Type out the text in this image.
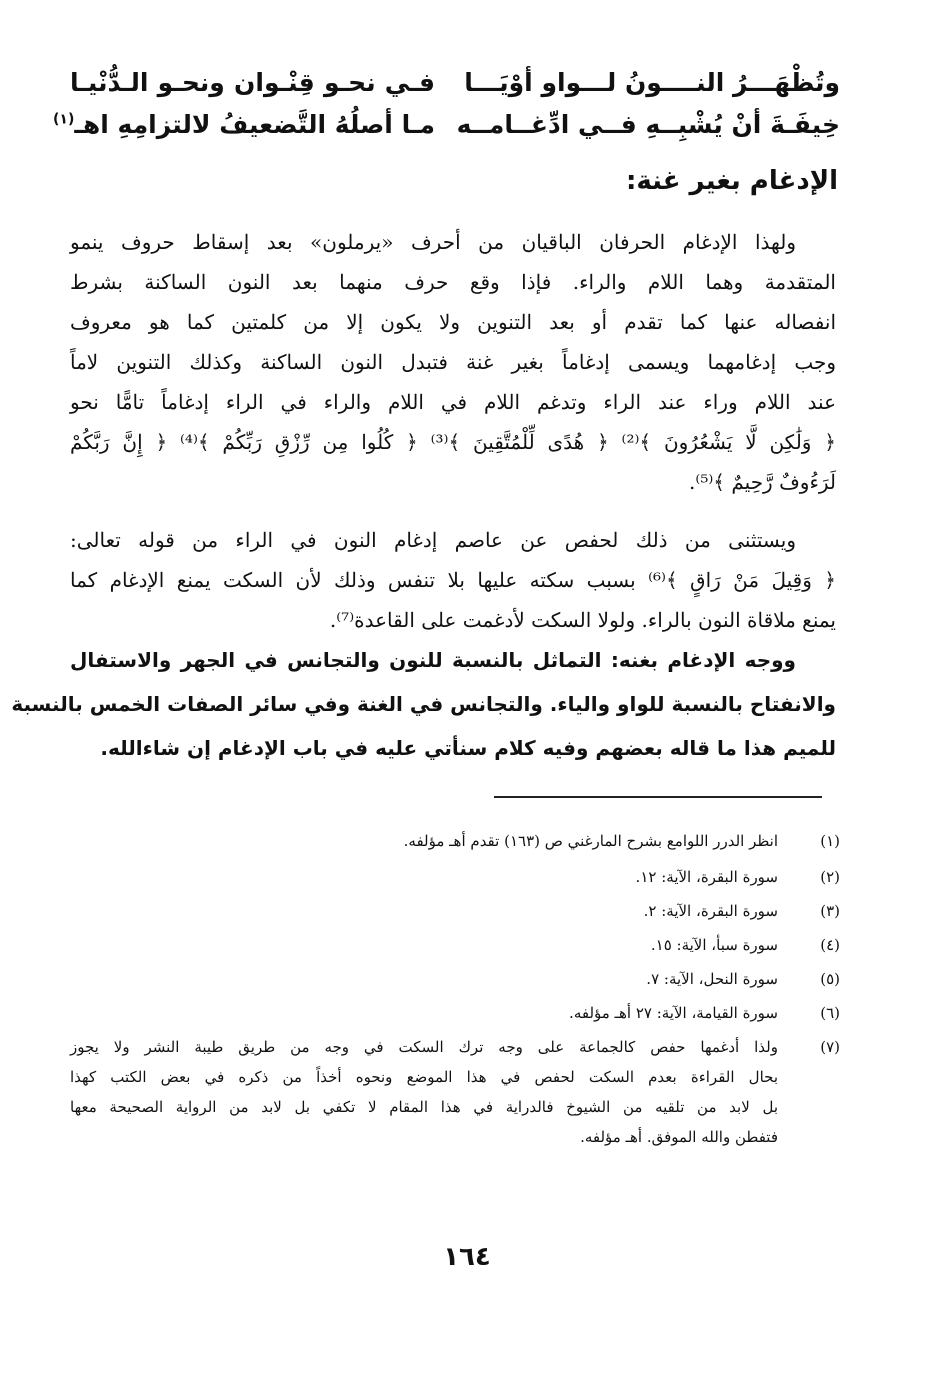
وتُظْهَـــرُ النــــونُ لـــواو أوْيَـــا
فـي نحـو قِنْـوان ونحـو الـدُّنْيـا
خِيفَـةَ أنْ يُشْبِــهِ فــي ادِّغــامــه
مـا أصلُهُ التَّضعيفُ لالتزامِهِ اهـ$^{(١)}$
الإدغام بغير غنة:
ولهذا الإدغام الحرفان الباقيان من أحرف «يرملون» بعد إسقاط حروف ينمو
المتقدمة وهما اللام والراء. فإذا وقع حرف منهما بعد النون الساكنة بشرط
انفصاله عنها كما تقدم أو بعد التنوين ولا يكون إلا من كلمتين كما هو معروف
وجب إدغامهما ويسمى إدغاماً بغير غنة فتبدل النون الساكنة وكذلك التنوين لاماً
عند اللام وراء عند الراء وتدغم اللام في اللام والراء في الراء إدغاماً تامًّا نحو
﴿ وَلَٰكِن لَّا يَشْعُرُونَ ﴾⁽²⁾ ﴿ هُدًى لِّلْمُتَّقِينَ ﴾⁽³⁾ ﴿ كُلُوا مِن رِّزْقِ رَبِّكُمْ ﴾⁽⁴⁾ ﴿ إِنَّ رَبَّكُمْ
لَرَءُوفٌ رَّحِيمٌ ﴾⁽⁵⁾.
ويستثنى من ذلك لحفص عن عاصم إدغام النون في الراء من قوله تعالى:
﴿ وَقِيلَ مَنْ رَاقٍ ﴾⁽⁶⁾ بسبب سكته عليها بلا تنفس وذلك لأن السكت يمنع الإدغام كما
يمنع ملاقاة النون بالراء. ولولا السكت لأدغمت على القاعدة⁽⁷⁾.
ووجه الإدغام بغنه: التماثل بالنسبة للنون والتجانس في الجهر والاستفال
والانفتاح بالنسبة للواو والياء. والتجانس في الغنة وفي سائر الصفات الخمس بالنسبة
للميم هذا ما قاله بعضهم وفيه كلام سنأتي عليه في باب الإدغام إن شاءالله.
(١)
انظر الدرر اللوامع بشرح المارغني ص (١٦٣) تقدم أهـ مؤلفه.
(٢)
سورة البقرة، الآية: ١٢.
(٣)
سورة البقرة، الآية: ٢.
(٤)
سورة سبأ، الآية: ١٥.
(٥)
سورة النحل، الآية: ٧.
(٦)
سورة القيامة، الآية: ٢٧ أهـ مؤلفه.
(٧)
ولذا أدغمها حفص كالجماعة على وجه ترك السكت في وجه من طريق طيبة النشر ولا يجوز
بحال القراءة بعدم السكت لحفص في هذا الموضع ونحوه أخذاً من ذكره في بعض الكتب كهذا
بل لابد من تلقيه من الشيوخ فالدراية في هذا المقام لا تكفي بل لابد من الرواية الصحيحة معها
فتفطن والله الموفق. أهـ مؤلفه.
١٦٤
